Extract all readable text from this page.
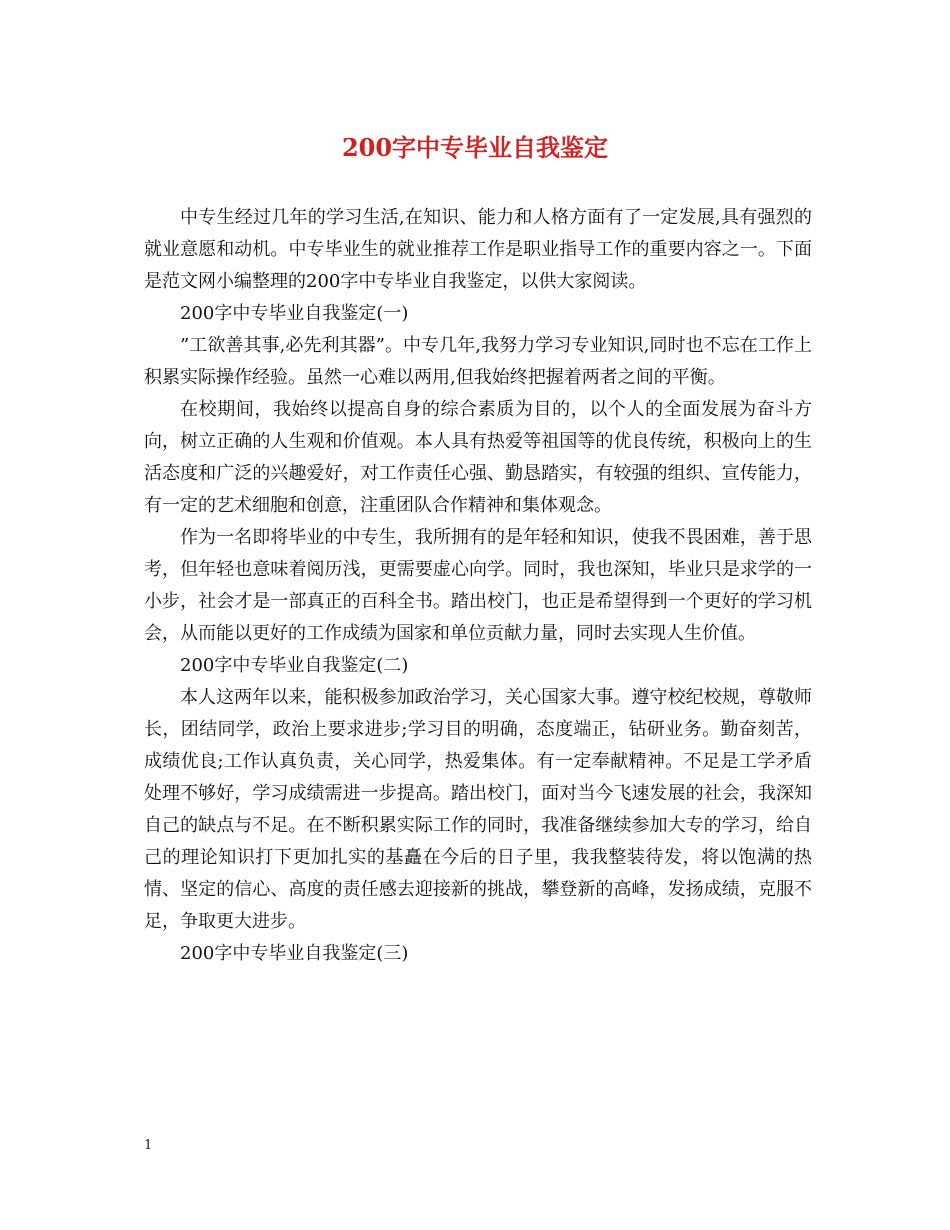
200字中专毕业自我鉴定

中专生经过几年的学习生活,在知识、能力和人格方面有了一定发展,具有强烈的就业意愿和动机。中专毕业生的就业推荐工作是职业指导工作的重要内容之一。下面是范文网小编整理的200字中专毕业自我鉴定，以供大家阅读。

200字中专毕业自我鉴定(一)

”工欲善其事,必先利其器”。中专几年,我努力学习专业知识,同时也不忘在工作上积累实际操作经验。虽然一心难以两用,但我始终把握着两者之间的平衡。

在校期间，我始终以提高自身的综合素质为目的，以个人的全面发展为奋斗方向，树立正确的人生观和价值观。本人具有热爱等祖国等的优良传统，积极向上的生活态度和广泛的兴趣爱好，对工作责任心强、勤恳踏实，有较强的组织、宣传能力，有一定的艺术细胞和创意，注重团队合作精神和集体观念。

作为一名即将毕业的中专生，我所拥有的是年轻和知识，使我不畏困难，善于思考，但年轻也意味着阅历浅，更需要虚心向学。同时，我也深知，毕业只是求学的一小步，社会才是一部真正的百科全书。踏出校门，也正是希望得到一个更好的学习机会，从而能以更好的工作成绩为国家和单位贡献力量，同时去实现人生价值。

200字中专毕业自我鉴定(二)

本人这两年以来，能积极参加政治学习，关心国家大事。遵守校纪校规，尊敬师长，团结同学，政治上要求进步;学习目的明确，态度端正，钻研业务。勤奋刻苦，成绩优良;工作认真负责，关心同学，热爱集体。有一定奉献精神。不足是工学矛盾处理不够好，学习成绩需进一步提高。踏出校门，面对当今飞速发展的社会，我深知自己的缺点与不足。在不断积累实际工作的同时，我准备继续参加大专的学习，给自己的理论知识打下更加扎实的基矗在今后的日子里，我我整装待发，将以饱满的热情、坚定的信心、高度的责任感去迎接新的挑战，攀登新的高峰，发扬成绩，克服不足，争取更大进步。

200字中专毕业自我鉴定(三)

1
